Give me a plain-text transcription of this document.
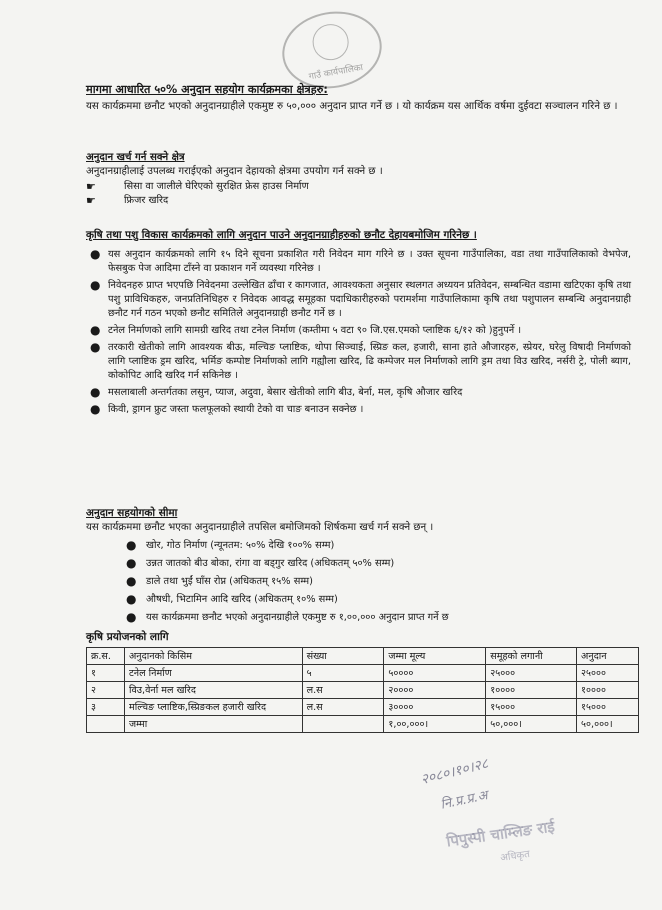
गाउँ कार्यपालिका
मागमा आधारित ५०% अनुदान सहयोग कार्यक्रमका क्षेत्रहरु:

यस कार्यक्रममा छनौट भएको अनुदानग्राहीले एकमुष्ट रु ५०,००० अनुदान प्राप्त गर्ने छ । यो कार्यक्रम यस आर्थिक वर्षमा दुईवटा सञ्चालन गरिने छ ।

अनुदान खर्च गर्न सक्ने क्षेत्र

अनुदानग्राहीलाई उपलब्ध गराईएको अनुदान देहायको क्षेत्रमा उपयोग गर्न सक्ने छ ।

☛	सिसा वा जालीले घेरिएको सुरक्षित फ्रेस हाउस निर्माण
☛	फ्रिजर खरिद
कृषि तथा पशु विकास कार्यक्रमको लागि अनुदान पाउने अनुदानग्राहीहरुको छनौट देहायबमोजिम गरिनेछ ।
● यस अनुदान कार्यक्रमको लागि १५ दिने सूचना प्रकाशित गरी निवेदन माग गरिने छ । उक्त सूचना गाउँपालिका, वडा तथा गाउँपालिकाको वेभपेज, फेसबुक पेज आदिमा टाँस्ने वा प्रकाशन गर्ने व्यवस्था गरिनेछ ।
● निवेदनहरु प्राप्त भएपछि निवेदनमा उल्लेखित ढाँचा र कागजात, आवश्यकता अनुसार स्थलगत अध्ययन प्रतिवेदन, सम्बन्धित वडामा खटिएका कृषि तथा पशु प्राविधिकहरु, जनप्रतिनिधिहरु र निवेदक आवद्ध समूहका पदाधिकारीहरुको परामर्शमा गाउँपालिकामा कृषि तथा पशुपालन सम्बन्धि अनुदानग्राही छनौट गर्न गठन भएको छनौट समितिले अनुदानग्राही छनौट गर्ने छ ।
● टनेल निर्माणको लागि सामग्री खरिद तथा टनेल निर्माण (कम्तीमा ५ वटा ९० जि.एस.एमको प्लाष्टिक ६/१२ को )हुनुपर्ने ।
● तरकारी खेतीको लागि आवश्यक बीऊ, मल्चिङ प्लाष्टिक, थोपा सिञ्चाई, स्प्रिङ कल, हजारी, साना हाते औजारहरु, स्प्रेयर, घरेलु विषादी निर्माणको लागि प्लाष्टिक ड्रम खरिद, भर्मिङ कम्पोष्ट निर्माणको लागि गह्यौला खरिद, ढि कम्पेजर मल निर्माणको लागि ड्रम तथा विउ खरिद, नर्सरी ट्रे, पोली ब्याग, कोकोपिट आदि खरिद गर्न सकिनेछ ।
● मसलाबाली अन्तर्गतका लसुन, प्याज, अदुवा, बेसार खेतीको लागि बीउ, बेर्ना, मल, कृषि औजार खरिद
● किवी, ड्रागन फ्रुट जस्ता फलफूलको स्थायी टेको वा चाङ बनाउन सक्नेछ ।
अनुदान सहयोगको सीमा

यस कार्यक्रममा छनौट भएका अनुदानग्राहीले तपसिल बमोजिमको शिर्षकमा खर्च गर्न सक्ने छन् ।

● खोर, गोठ निर्माण (न्यूनतम: ५०% देखि १००% सम्म)
● उन्नत जातको बीउ बोका, रांगा वा बड्गुर खरिद (अधिकतम् ५०% सम्म)
● डाले तथा भुईं घाँस रोप्न (अधिकतम् १५% सम्म)
● औषधी, भिटामिन आदि खरिद (अधिकतम् १०% सम्म)
● यस कार्यक्रममा छनौट भएको अनुदानग्राहीले एकमुष्ट रु १,००,००० अनुदान प्राप्त गर्ने छ
कृषि प्रयोजनको लागि
क्र.स.	अनुदानको किसिम	संख्या	जम्मा मूल्य	समूहको लगानी	अनुदान
१	टनेल निर्माण	५	५००००	२५०००	२५०००
२	विउ,वेर्ना मल खरिद	ल.स	२००००	१००००	१००००
३	मल्चिङ प्लाष्टिक,स्प्रिङकल हजारी खरिद	ल.स	३००००	१५०००	१५०००
	जम्मा		१,००,०००।	५०,०००।	५०,०००।
२०८०।१०।२८
नि.प्र.प्र.अ
पिपुस्पी चाम्लिङ राई
अधिकृत
